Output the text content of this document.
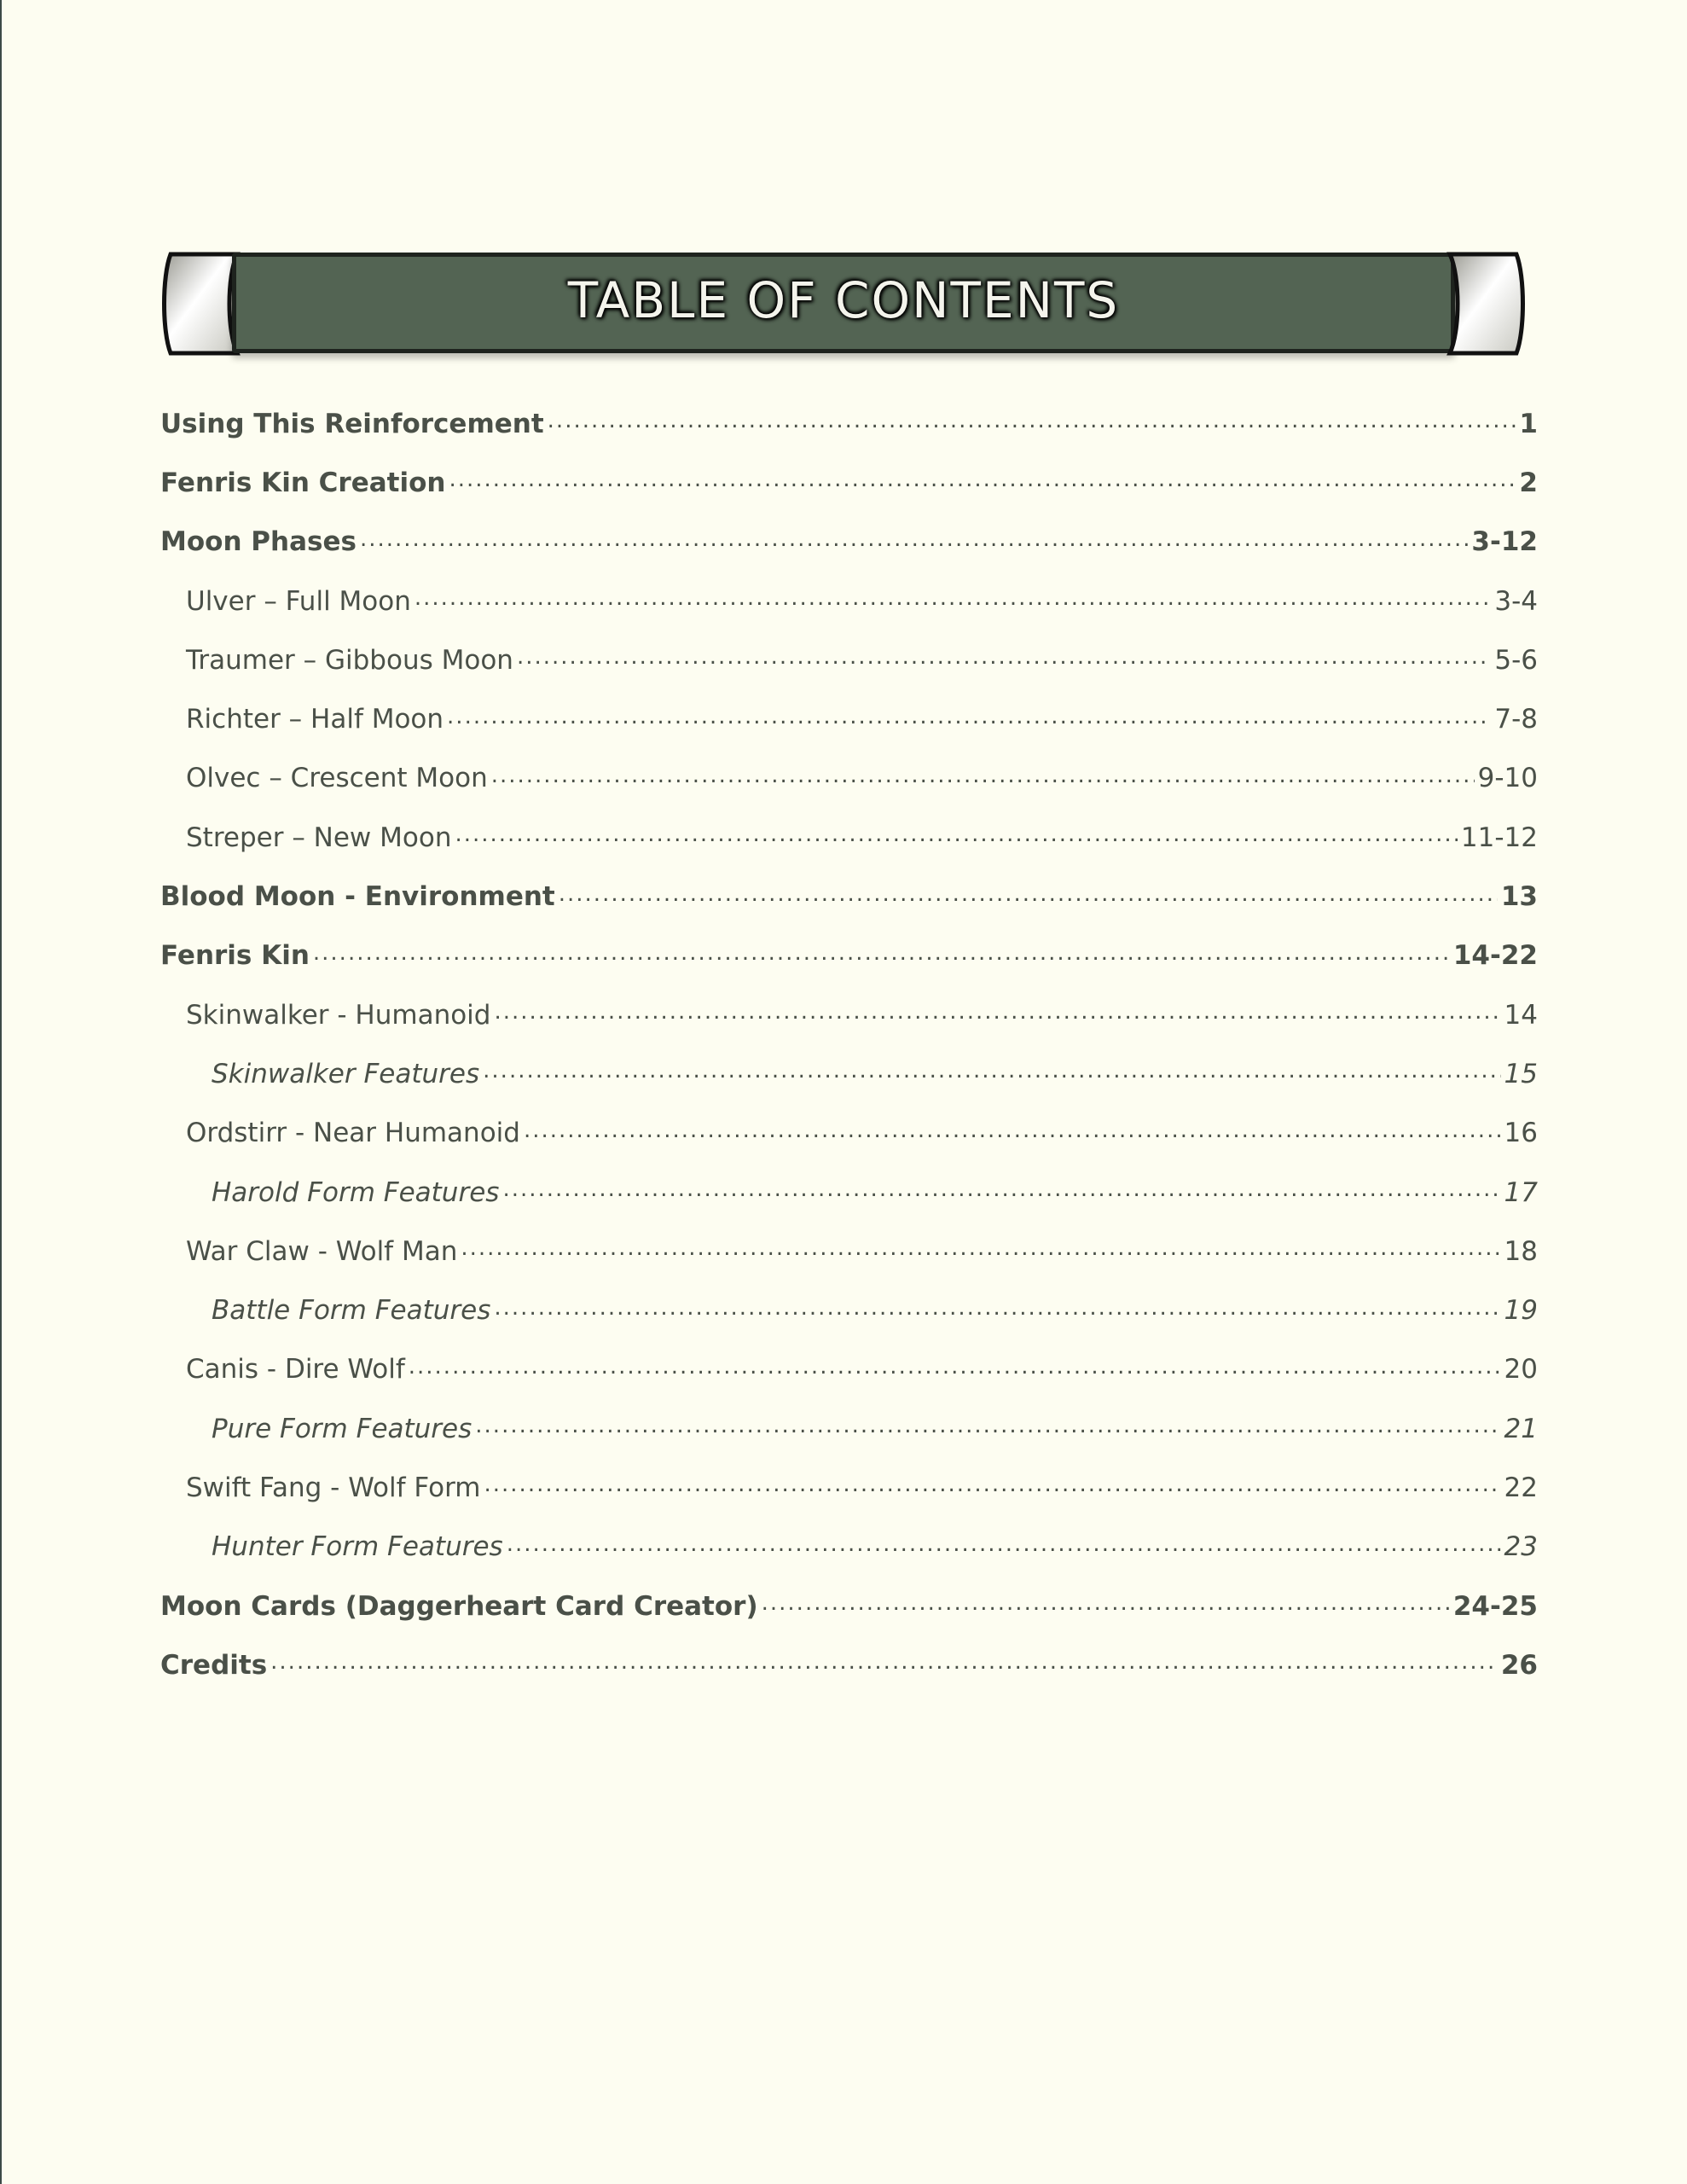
TABLE OF CONTENTS
Using This Reinforcement .....	1
Fenris Kin Creation .....	2
Moon Phases .....	3-12
Ulver – Full Moon .....	3-4
Traumer – Gibbous Moon .....	5-6
Richter – Half Moon .....	7-8
Olvec – Crescent Moon .....	9-10
Streper – New Moon .....	11-12
Blood Moon - Environment .....	13
Fenris Kin .....	14-22
Skinwalker - Humanoid .....	14
Skinwalker Features .....	15
Ordstirr - Near Humanoid .....	16
Harold Form Features .....	17
War Claw - Wolf Man .....	18
Battle Form Features .....	19
Canis - Dire Wolf .....	20
Pure Form Features .....	21
Swift Fang - Wolf Form .....	22
Hunter Form Features .....	23
Moon Cards (Daggerheart Card Creator) .....	24-25
Credits .....	26
